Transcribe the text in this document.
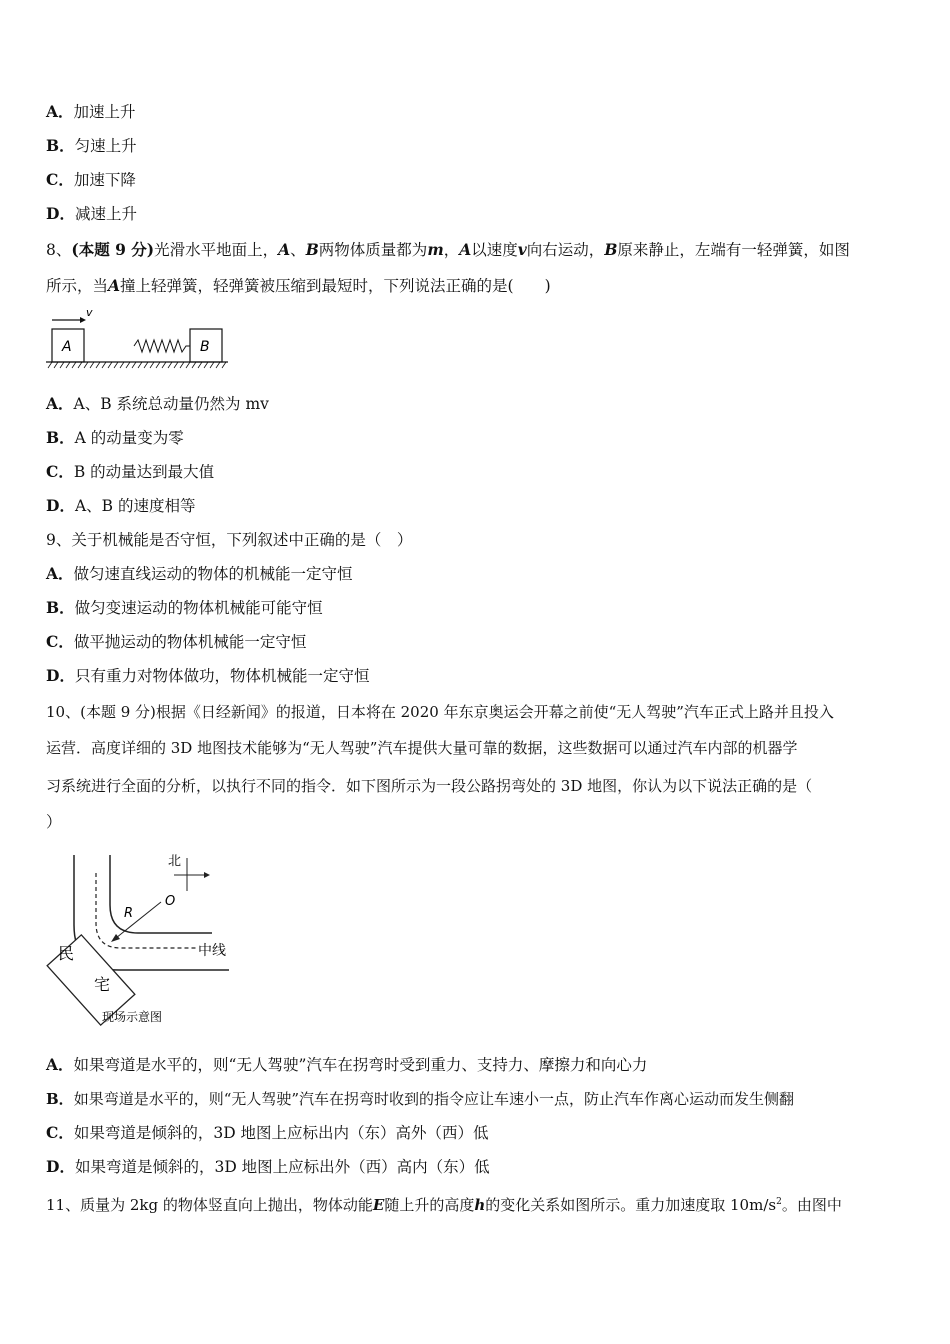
A．加速上升
B．匀速上升
C．加速下降
D．减速上升
8、(本题 9 分)光滑水平地面上，A、B两物体质量都为m，A以速度v向右运动，B原来静止，左端有一轻弹簧，如图
所示，当A撞上轻弹簧，轻弹簧被压缩到最短时，下列说法正确的是(　　)
v
A	B
A．A、B 系统总动量仍然为 mv
B．A 的动量变为零
C．B 的动量达到最大值
D．A、B 的速度相等
9、关于机械能是否守恒，下列叙述中正确的是（　）
A．做匀速直线运动的物体的机械能一定守恒
B．做匀变速运动的物体机械能可能守恒
C．做平抛运动的物体机械能一定守恒
D．只有重力对物体做功，物体机械能一定守恒
10、(本题 9 分)根据《日经新闻》的报道，日本将在 2020 年东京奥运会开幕之前使“无人驾驶”汽车正式上路并且投入
运营．高度详细的 3D 地图技术能够为“无人驾驶”汽车提供大量可靠的数据，这些数据可以通过汽车内部的机器学
习系统进行全面的分析，以执行不同的指令．如下图所示为一段公路拐弯处的 3D 地图，你认为以下说法正确的是（
）
北
O
R
中线
民
宅
现场示意图
A．如果弯道是水平的，则“无人驾驶”汽车在拐弯时受到重力、支持力、摩擦力和向心力
B．如果弯道是水平的，则“无人驾驶”汽车在拐弯时收到的指令应让车速小一点，防止汽车作离心运动而发生侧翻
C．如果弯道是倾斜的，3D 地图上应标出内（东）高外（西）低
D．如果弯道是倾斜的，3D 地图上应标出外（西）高内（东）低
11、质量为 2kg 的物体竖直向上抛出，物体动能E随上升的高度h的变化关系如图所示。重力加速度取 $10m/s^2$。由图中
